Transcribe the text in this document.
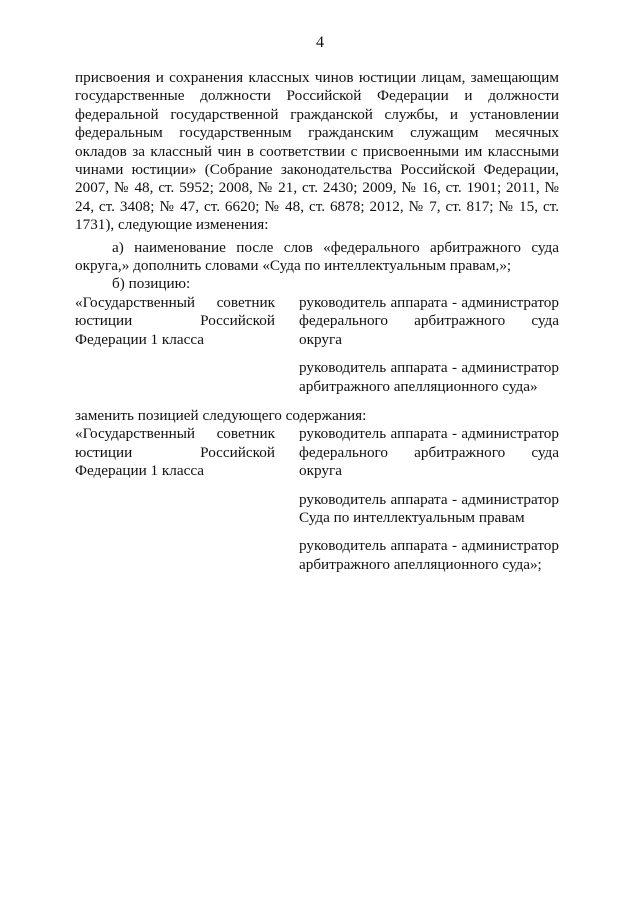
4

присвоения и сохранения классных чинов юстиции лицам, замещающим государственные должности Российской Федерации и должности федеральной государственной гражданской службы, и установлении федеральным государственным гражданским служащим месячных окладов за классный чин в соответствии с присвоенными им классными чинами юстиции» (Собрание законодательства Российской Федерации, 2007, № 48, ст. 5952; 2008, № 21, ст. 2430; 2009, № 16, ст. 1901; 2011, № 24, ст. 3408; № 47, ст. 6620; № 48, ст. 6878; 2012, № 7, ст. 817; № 15, ст. 1731), следующие изменения:

а) наименование после слов «федерального арбитражного суда округа,» дополнить словами «Суда по интеллектуальным правам,»;

б) позицию:

«Государственный советник юстиции Российской Федерации 1 класса

руководитель аппарата - администратор федерального арбитражного суда округа

руководитель аппарата - администратор арбитражного апелляционного суда»

заменить позицией следующего содержания:

«Государственный советник юстиции Российской Федерации 1 класса

руководитель аппарата - администратор федерального арбитражного суда округа

руководитель аппарата - администратор Суда по интеллектуальным правам

руководитель аппарата - администратор арбитражного апелляционного суда»;
